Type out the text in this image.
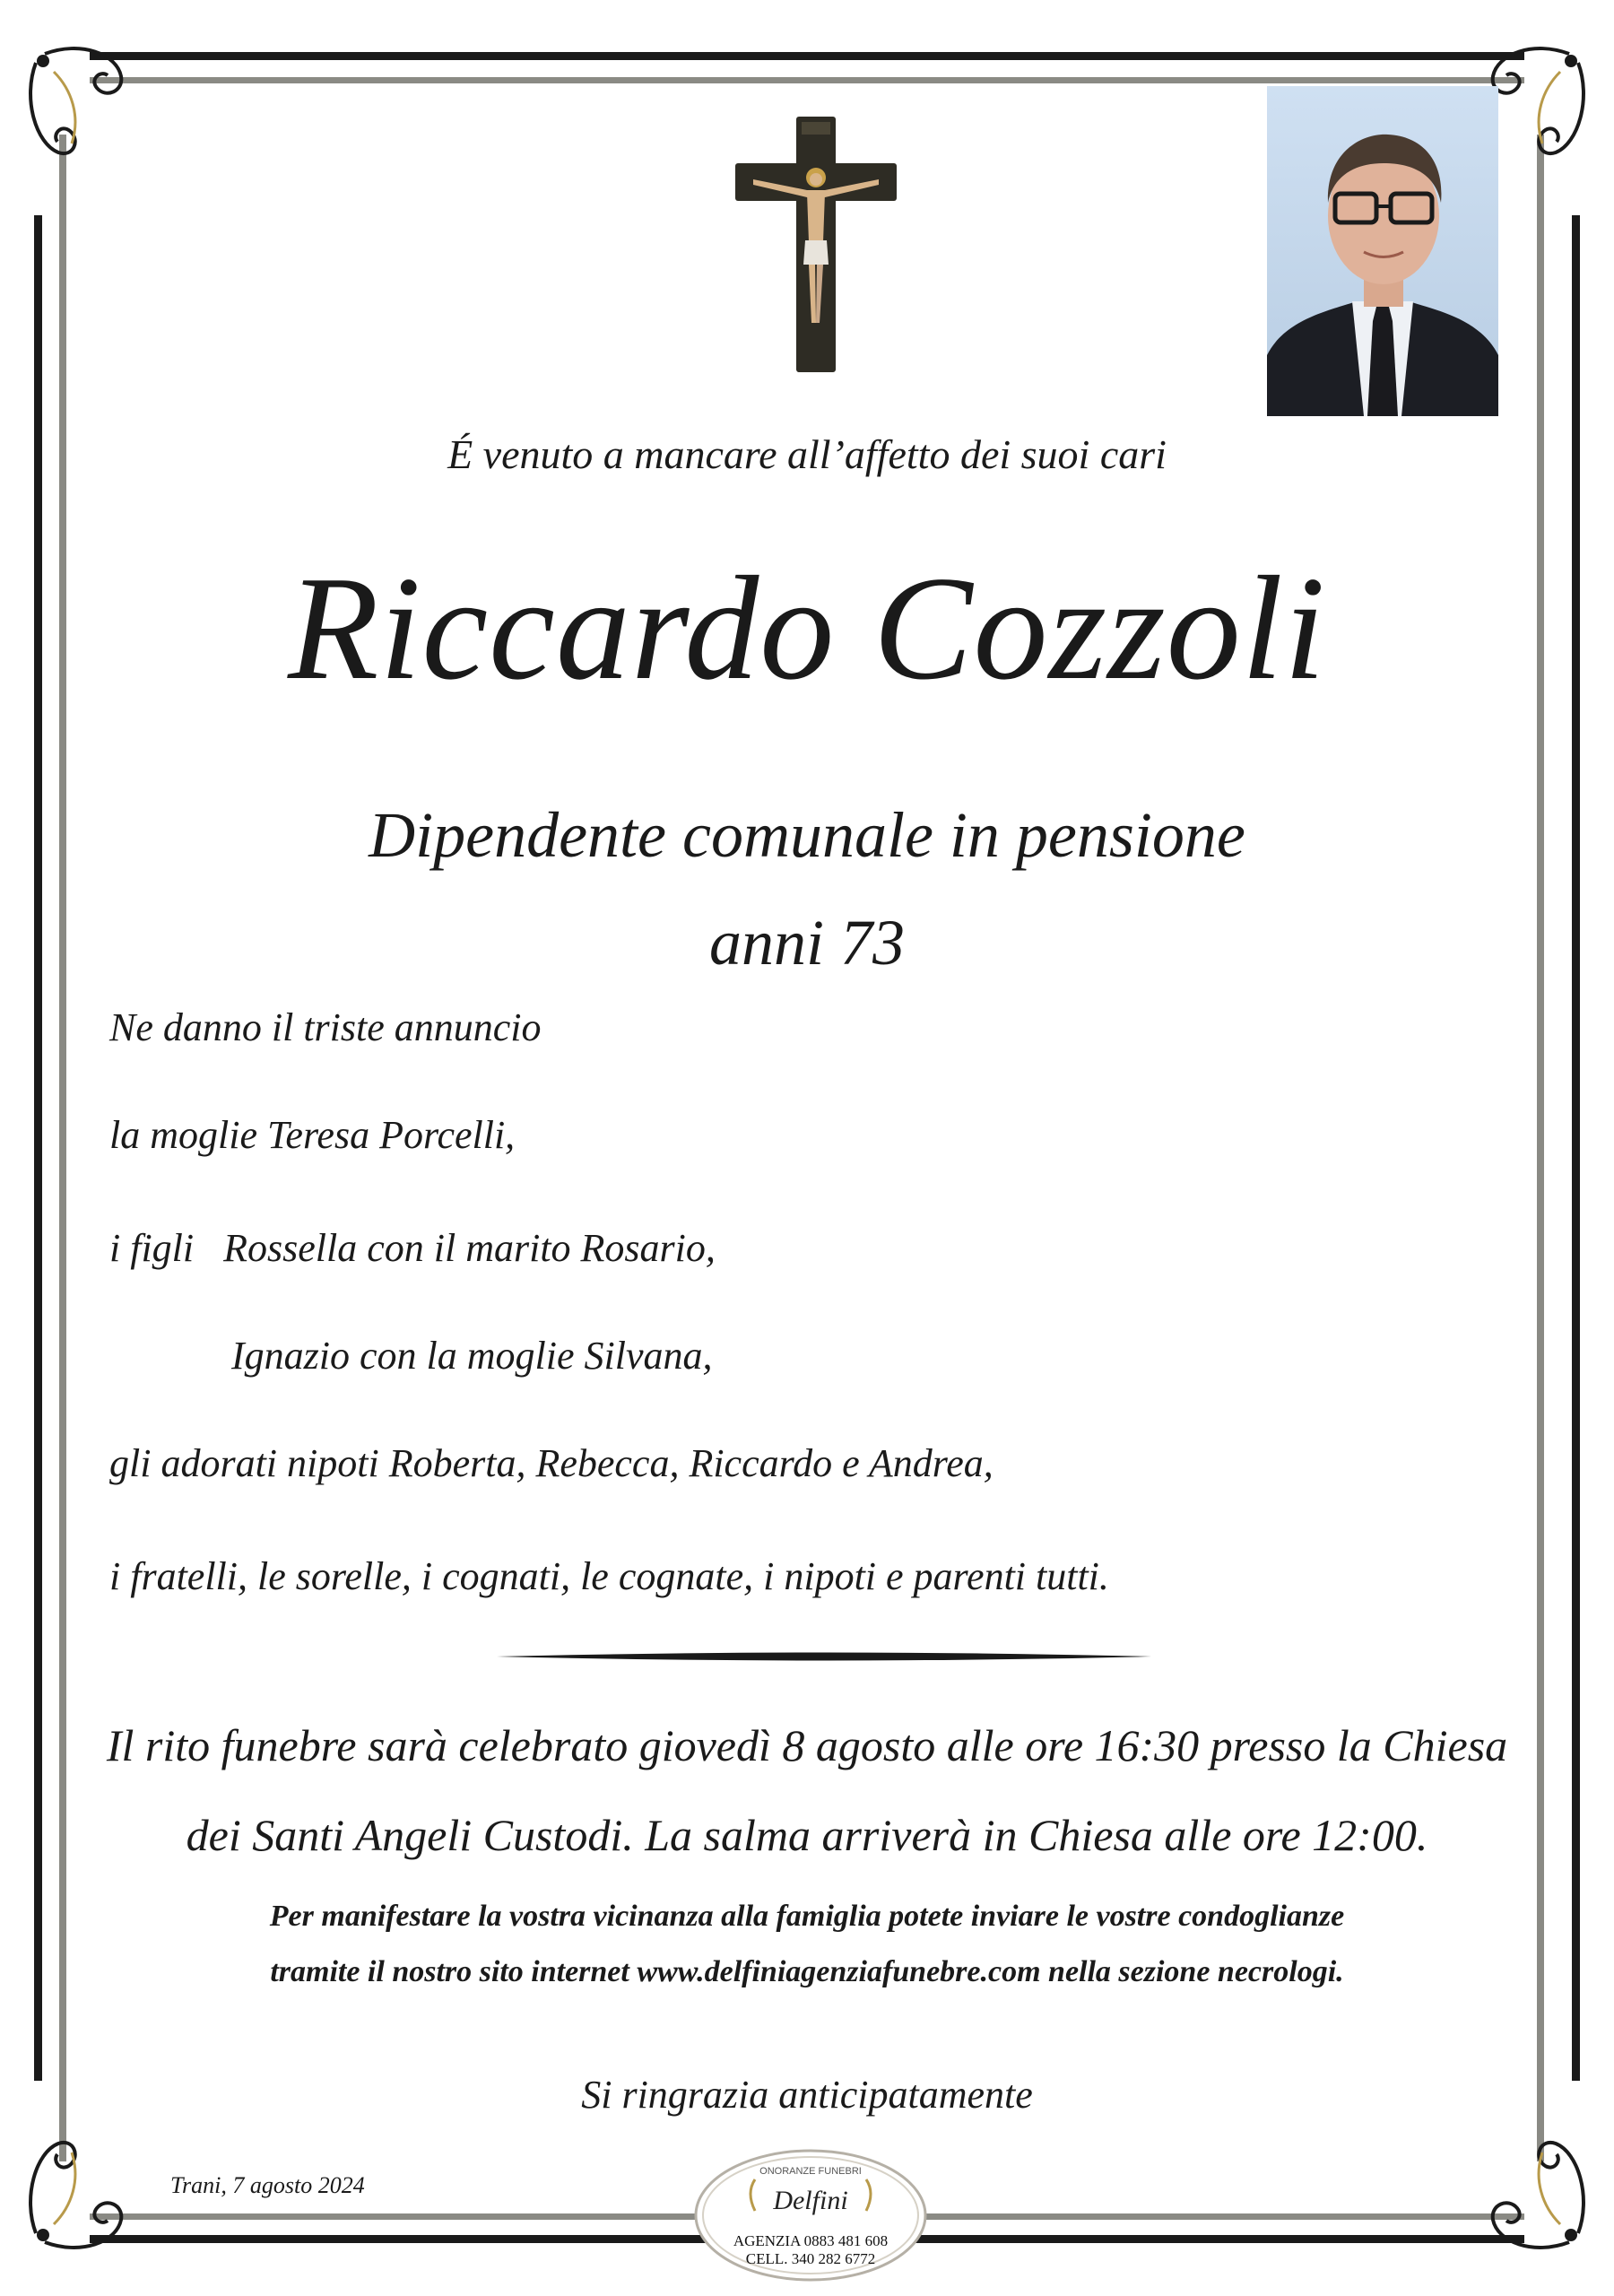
É venuto a mancare all’affetto dei suoi cari
Riccardo Cozzoli
Dipendente comunale in pensione
anni 73
Ne danno il triste annuncio
la moglie Teresa Porcelli,
i figli   Rossella con il marito Rosario,
Ignazio con la moglie Silvana,
gli adorati nipoti Roberta, Rebecca, Riccardo e Andrea,
i fratelli, le sorelle, i cognati, le cognate, i nipoti e parenti tutti.
Il rito funebre sarà celebrato giovedì 8 agosto alle ore 16:30 presso la Chiesa
dei Santi Angeli Custodi. La salma arriverà in Chiesa alle ore 12:00.
Per manifestare la vostra vicinanza alla famiglia potete inviare le vostre condoglianze
tramite il nostro sito internet www.delfiniagenziafunebre.com nella sezione necrologi.
Si ringrazia anticipatamente
Trani, 7 agosto 2024
ONORANZE FUNEBRI
Delfini
AGENZIA 0883 481 608
CELL. 340 282 6772
